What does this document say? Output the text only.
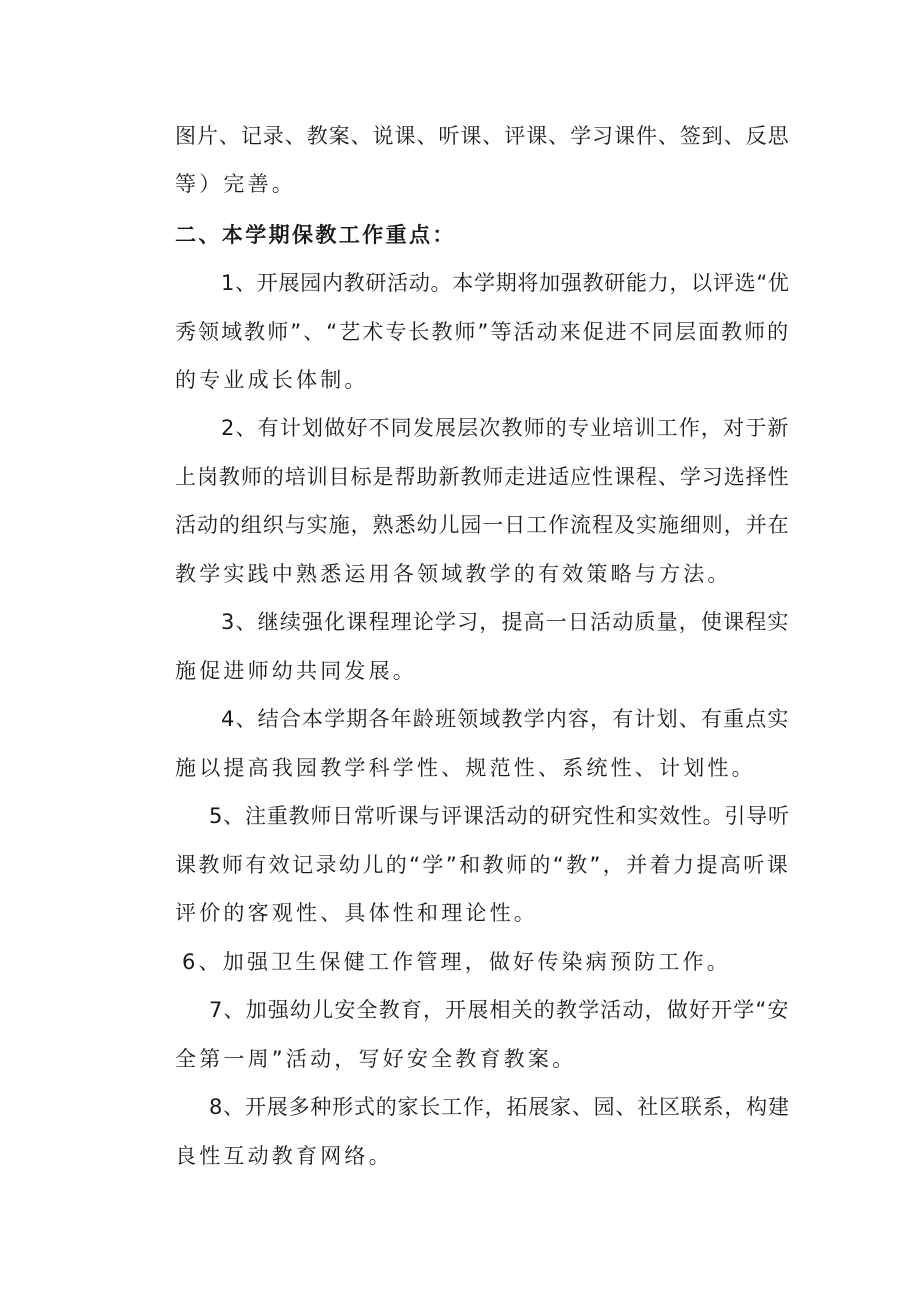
图片、记录、教案、说课、听课、评课、学习课件、签到、反思
等）完善。
二、本学期保教工作重点：
1、开展园内教研活动。本学期将加强教研能力，以评选“优
秀领域教师”、“艺术专长教师”等活动来促进不同层面教师的
的专业成长体制。
2、有计划做好不同发展层次教师的专业培训工作，对于新
上岗教师的培训目标是帮助新教师走进适应性课程、学习选择性
活动的组织与实施，熟悉幼儿园一日工作流程及实施细则，并在
教学实践中熟悉运用各领域教学的有效策略与方法。
3、继续强化课程理论学习，提高一日活动质量，使课程实
施促进师幼共同发展。
4、结合本学期各年龄班领域教学内容，有计划、有重点实
施以提高我园教学科学性、规范性、系统性、计划性。
5、注重教师日常听课与评课活动的研究性和实效性。引导听
课教师有效记录幼儿的“学”和教师的“教”，并着力提高听课
评价的客观性、具体性和理论性。
6、加强卫生保健工作管理，做好传染病预防工作。
7、加强幼儿安全教育，开展相关的教学活动，做好开学“安
全第一周”活动，写好安全教育教案。
8、开展多种形式的家长工作，拓展家、园、社区联系，构建
良性互动教育网络。
